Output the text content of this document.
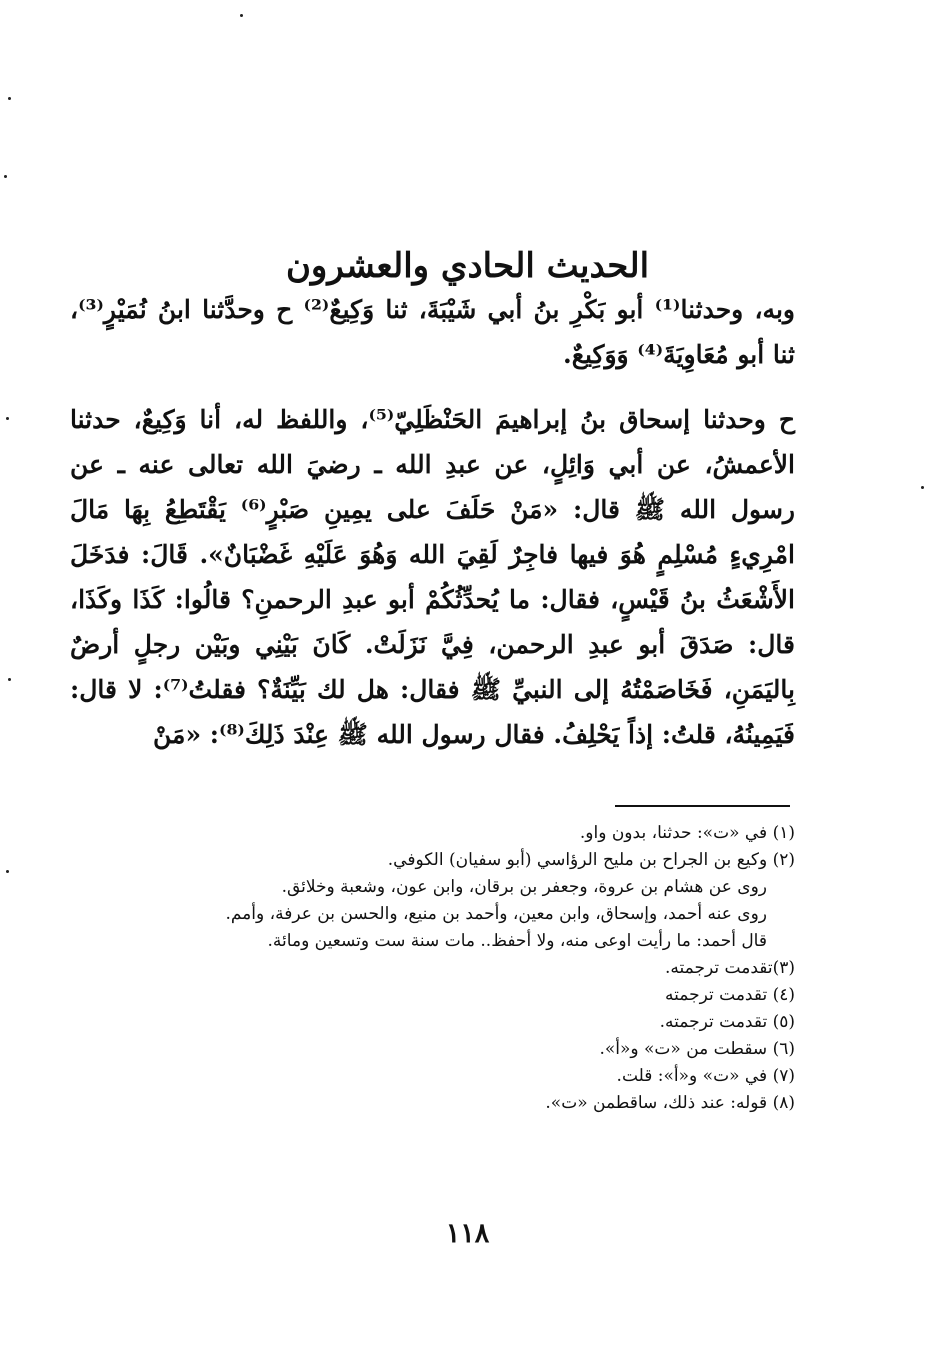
الحديث الحادي والعشرون

وبه، وحدثنا⁽¹⁾ أبو بَكْرِ بنُ أبي شَيْبَةَ، ثنا وَكِيعٌ⁽²⁾ ح وحدَّثنا ابنُ نُمَيْرٍ⁽³⁾، ثنا أبو مُعَاوِيَةَ⁽⁴⁾ وَوَكِيعٌ.

ح وحدثنا إسحاق بنُ إبراهيمَ الحَنْظَلِيّ⁽⁵⁾، واللفظ له، أنا وَكِيعٌ، حدثنا الأعمشُ، عن أبي وَائِلٍ، عن عبدِ الله ـ رضيَ الله تعالى عنه ـ عن رسول الله ﷺ قال: «مَنْ حَلَفَ على يمِينِ صَبْرٍ⁽⁶⁾ يَقْتَطِعُ بِهَا مَالَ امْرِيءٍ مُسْلِمٍ هُوَ فيها فاجِرٌ لَقِيَ الله وَهُوَ عَلَيْهِ غَضْبَانٌ». قَالَ: فدَخَلَ الأَشْعَثُ بنُ قَيْسٍ، فقال: ما يُحدِّثُكُمْ أبو عبدِ الرحمنِ؟ قالُوا: كَذَا وكَذَا، قال: صَدَقَ أبو عبدِ الرحمن، فِيَّ نَزَلَتْ. كَانَ بَيْنِي وبَيْن رجلٍ أرضٌ بِاليَمَنِ، فَخَاصَمْتُهُ إلى النبيِّ ﷺ فقال: هل لك بَيِّنَةٌ؟ فقلتُ⁽⁷⁾: لا قال: فَيَمِينُهُ، قلتُ: إذاً يَحْلِفُ. فقال رسول الله ﷺ عِنْدَ ذَلِكَ⁽⁸⁾: «مَنْ

(١) في «ت»: حدثنا، بدون واو.
(٢) وكيع بن الجراح بن مليح الرؤاسي (أبو سفيان) الكوفي.
روى عن هشام بن عروة، وجعفر بن برقان، وابن عون، وشعبة وخلائق.
روى عنه أحمد، وإسحاق، وابن معين، وأحمد بن منيع، والحسن بن عرفة، وأمم.
قال أحمد: ما رأيت اوعى منه، ولا أحفظ.. مات سنة ست وتسعين ومائة.
(٣)تقدمت ترجمته.
(٤) تقدمت ترجمته
(٥) تقدمت ترجمته.
(٦) سقطت من «ت» و«أ».
(٧) في «ت» و«أ»: قلت.
(٨) قوله: عند ذلك، ساقطمن «ت».
١١٨
